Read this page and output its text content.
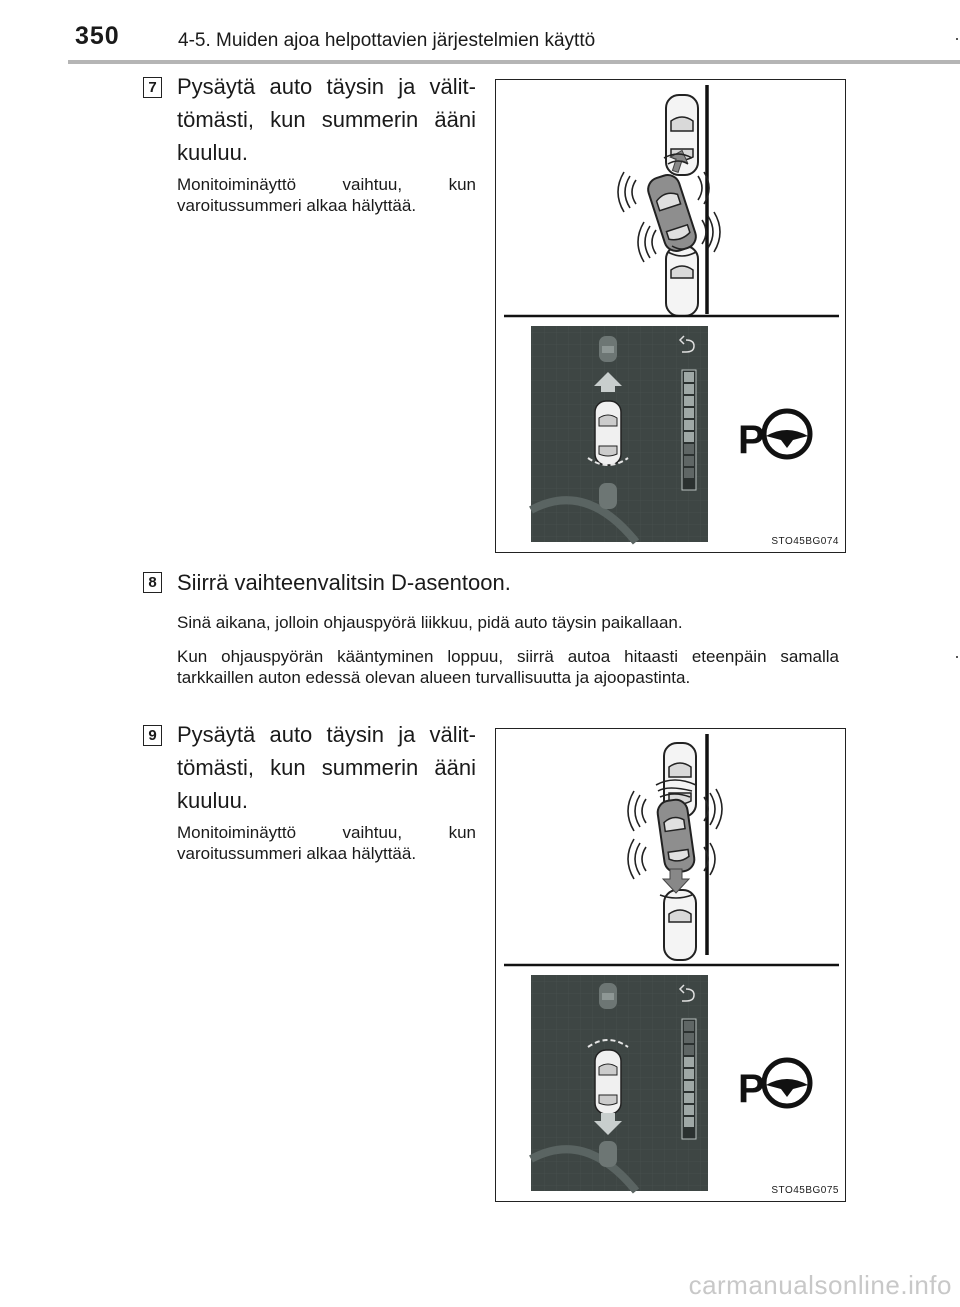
350	4-5. Muiden ajoa helpottavien järjestelmien käyttö
7 Pysäytä auto täysin ja välittömästi, kun summerin ääni kuuluu.
Monitoiminäyttö vaihtuu, kun varoitussummeri alkaa hälyttää.
P
STO45BG074
8 Siirrä vaihteenvalitsin D-asentoon.
Sinä aikana, jolloin ohjauspyörä liikkuu, pidä auto täysin paikallaan.
Kun ohjauspyörän kääntyminen loppuu, siirrä autoa hitaasti eteenpäin samalla tarkkaillen auton edessä olevan alueen turvallisuutta ja ajoopastinta.
9 Pysäytä auto täysin ja välittömästi, kun summerin ääni kuuluu.
Monitoiminäyttö vaihtuu, kun varoitussummeri alkaa hälyttää.
P
STO45BG075
carmanualsonline.info
